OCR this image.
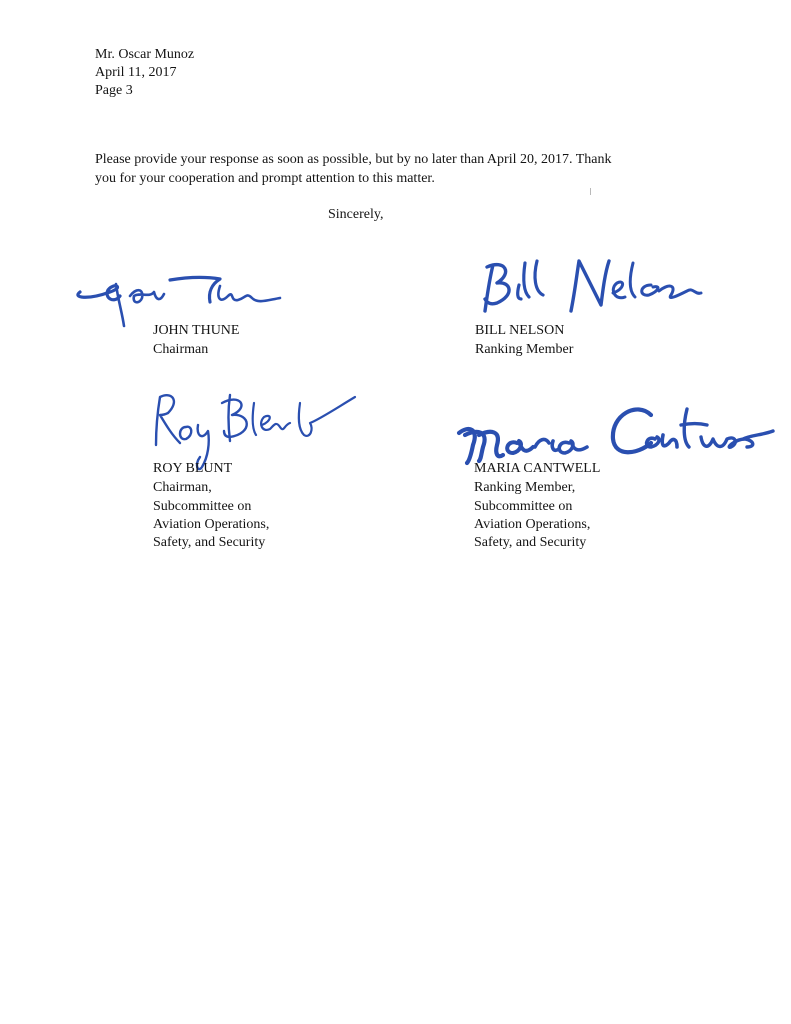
Mr. Oscar Munoz
April 11, 2017
Page 3
Please provide your response as soon as possible, but by no later than April 20, 2017. Thank
you for your cooperation and prompt attention to this matter.
Sincerely,
JOHN THUNE
Chairman
BILL NELSON
Ranking Member
ROY BLUNT
Chairman,
Subcommittee on
Aviation Operations,
Safety, and Security
MARIA CANTWELL
Ranking Member,
Subcommittee on
Aviation Operations,
Safety, and Security
